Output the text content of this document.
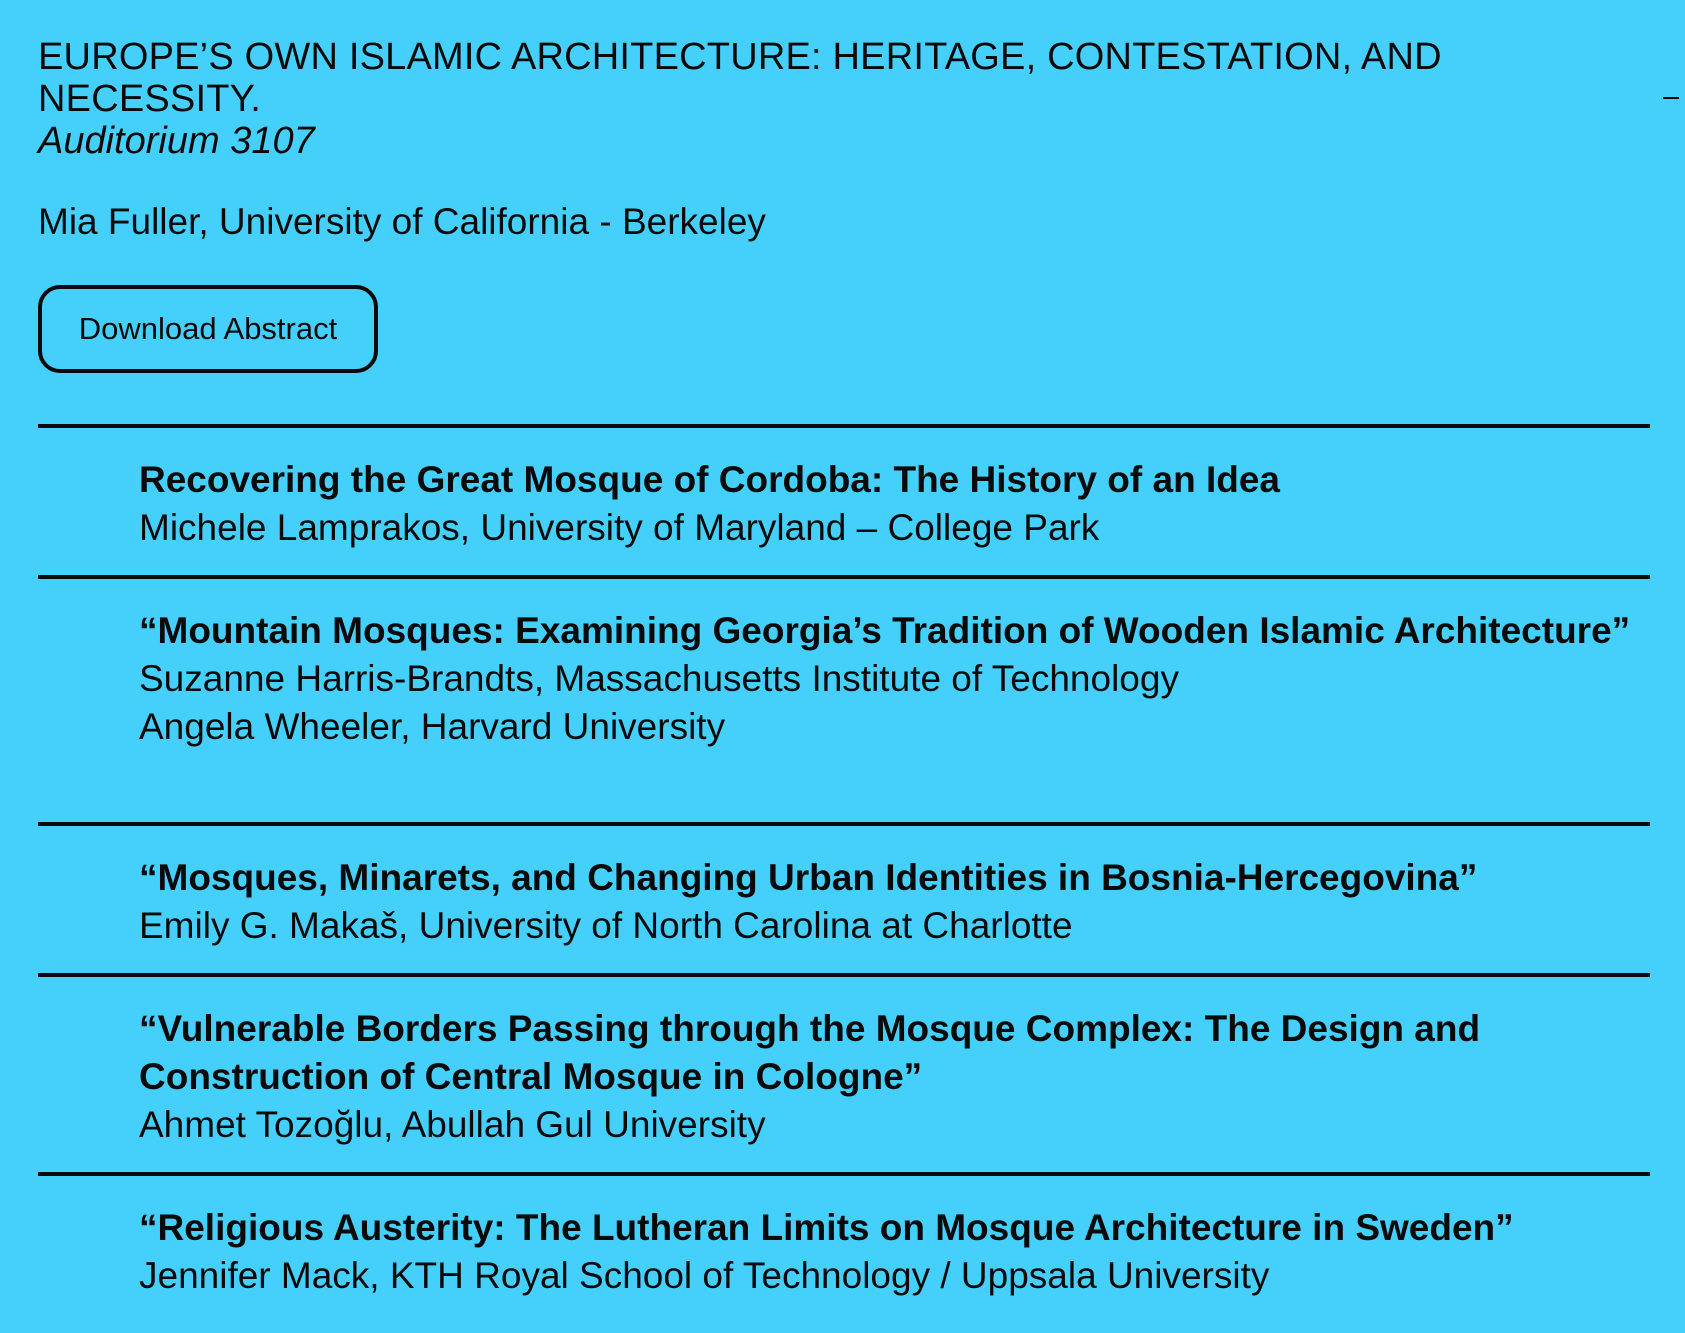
EUROPE’S OWN ISLAMIC ARCHITECTURE: HERITAGE, CONTESTATION, AND NECESSITY.

Auditorium 3107

Mia Fuller, University of California - Berkeley

Download Abstract

Recovering the Great Mosque of Cordoba: The History of an Idea

Michele Lamprakos, University of Maryland – College Park

“Mountain Mosques: Examining Georgia’s Tradition of Wooden Islamic Architecture”

Suzanne Harris-Brandts, Massachusetts Institute of Technology

Angela Wheeler, Harvard University

“Mosques, Minarets, and Changing Urban Identities in Bosnia-Hercegovina”

Emily G. Makaš, University of North Carolina at Charlotte

“Vulnerable Borders Passing through the Mosque Complex: The Design and Construction of Central Mosque in Cologne”

Ahmet Tozoğlu, Abullah Gul University

“Religious Austerity: The Lutheran Limits on Mosque Architecture in Sweden”

Jennifer Mack, KTH Royal School of Technology / Uppsala University
